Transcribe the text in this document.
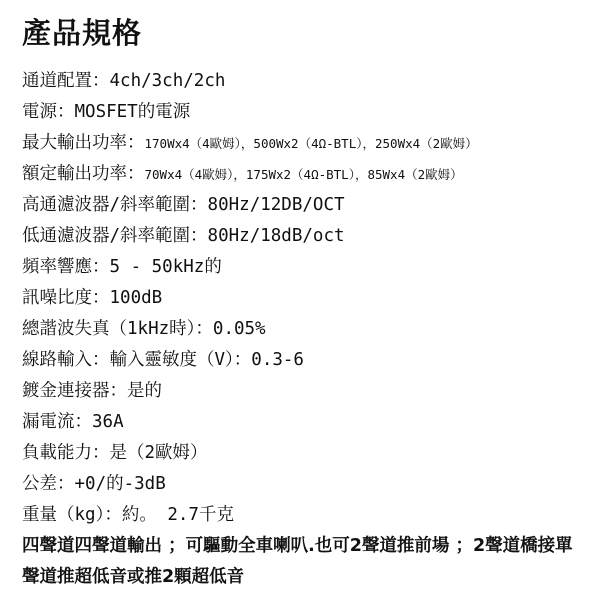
產品規格

通道配置：4ch/3ch/2ch

電源：MOSFET的電源

最大輸出功率：170Wx4（4歐姆），500Wx2（4Ω-BTL），250Wx4（2歐姆）

額定輸出功率：70Wx4（4歐姆），175Wx2（4Ω-BTL），85Wx4（2歐姆）

高通濾波器/斜率範圍：80Hz/12DB/OCT

低通濾波器/斜率範圍：80Hz/18dB/oct

頻率響應：5 - 50kHz的

訊噪比度：100dB

總諧波失真（1kHz時）：0.05%

線路輸入：輸入靈敏度（V）：0.3-6

鍍金連接器：是的

漏電流：36A

負載能力：是（2歐姆）

公差：+0/的-3dB

重量（kg）：約。 2.7千克

四聲道四聲道輸出 ；可驅動全車喇叭.也可2聲道推前場 ；2聲道橋接單聲道推超低音或推2顆超低音
